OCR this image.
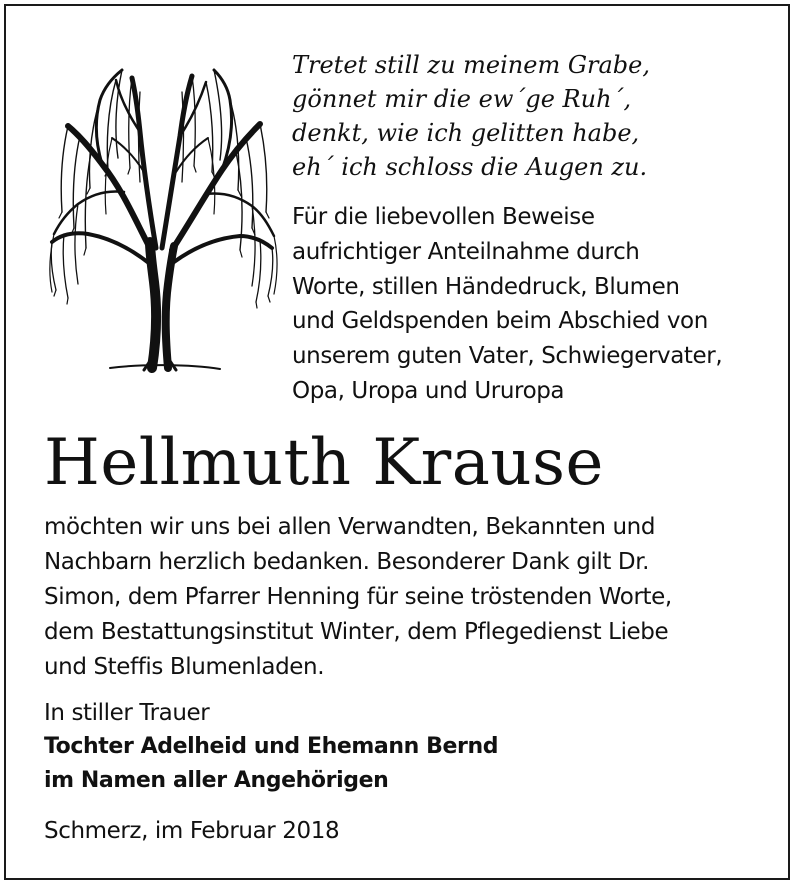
Tretet still zu meinem Grabe,
gönnet mir die ew´ge Ruh´,
denkt, wie ich gelitten habe,
eh´ ich schloss die Augen zu.
Für die liebevollen Beweise
aufrichtiger Anteilnahme durch
Worte, stillen Händedruck, Blumen
und Geldspenden beim Abschied von
unserem guten Vater, Schwiegervater,
Opa, Uropa und Ururopa
Hellmuth Krause
möchten wir uns bei allen Verwandten, Bekannten und
Nachbarn herzlich bedanken. Besonderer Dank gilt Dr.
Simon, dem Pfarrer Henning für seine tröstenden Worte,
dem Bestattungsinstitut Winter, dem Pflegedienst Liebe
und Steffis Blumenladen.
In stiller Trauer
Tochter Adelheid und Ehemann Bernd
im Namen aller Angehörigen
Schmerz, im Februar 2018
